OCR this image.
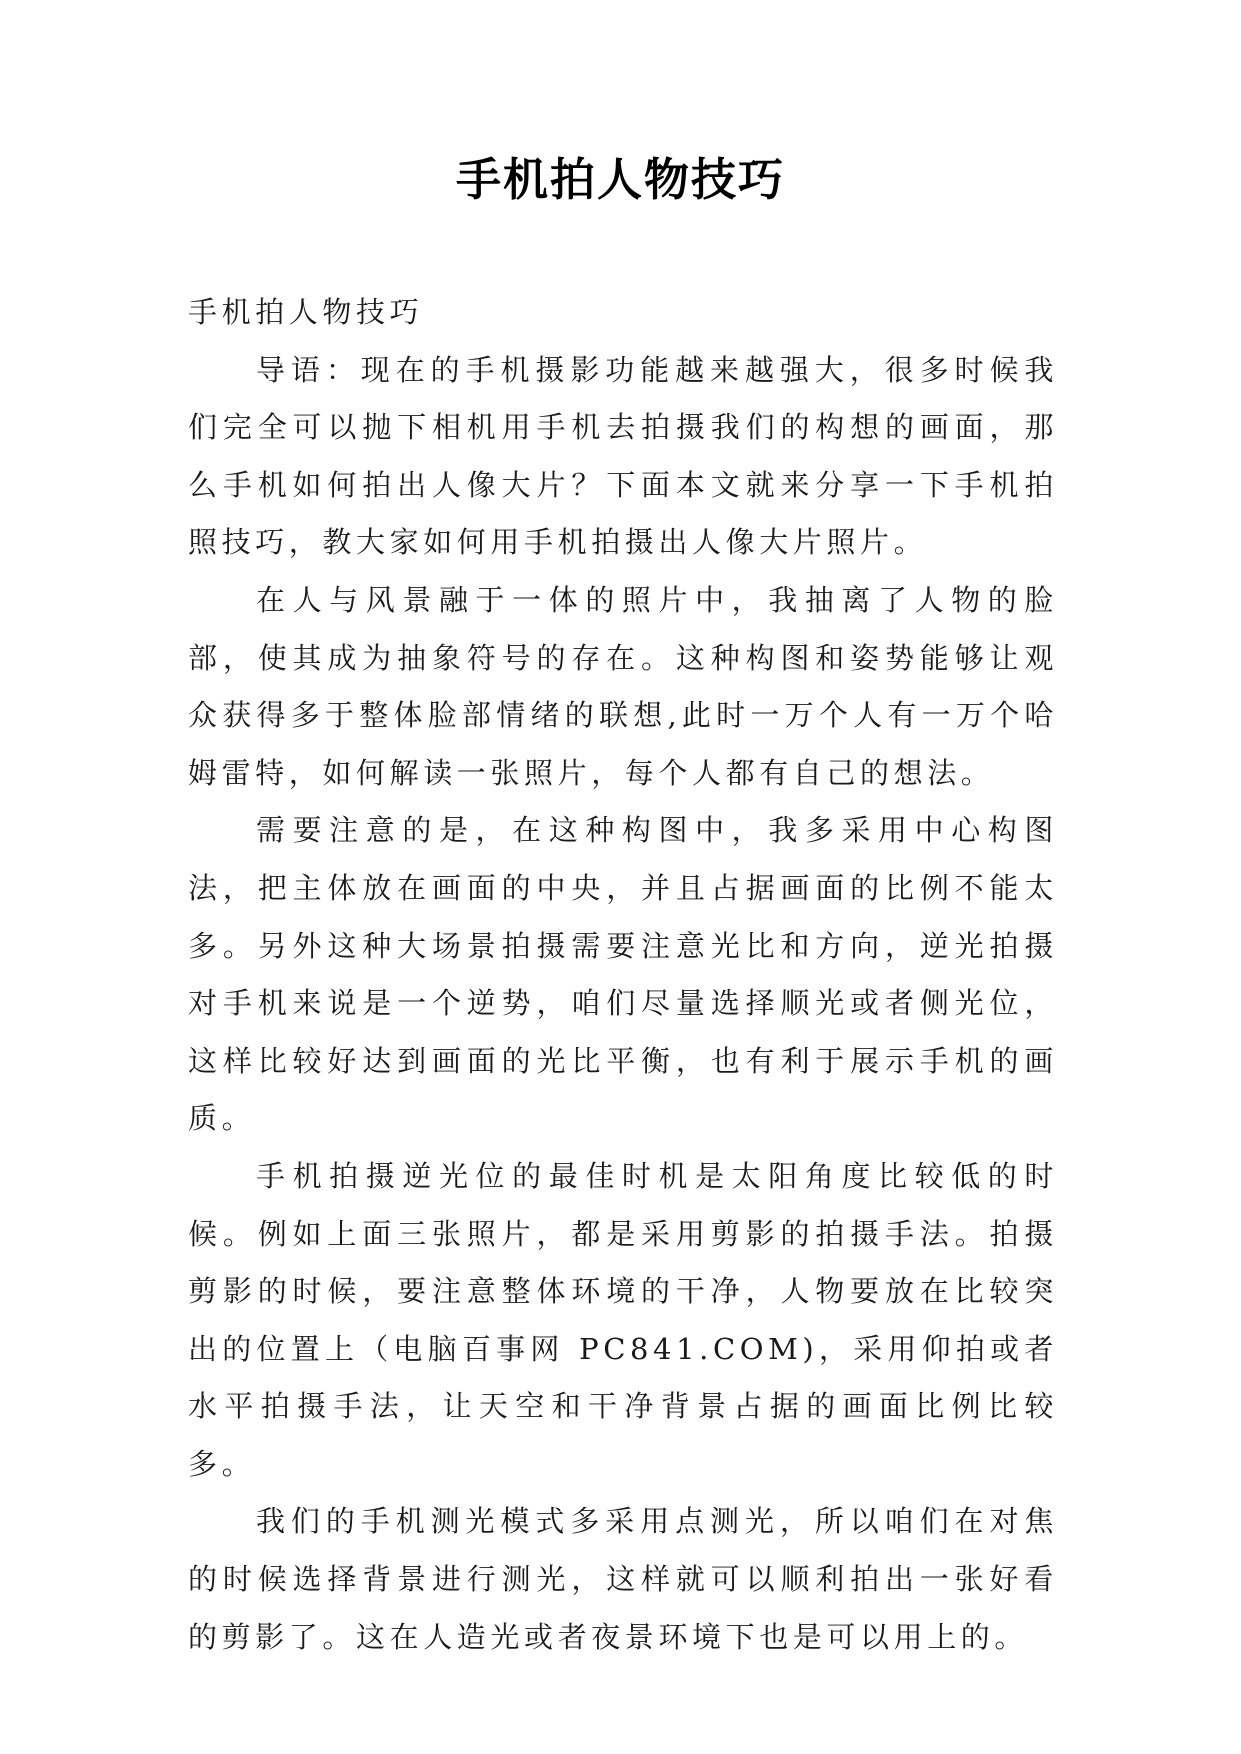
手机拍人物技巧

手机拍人物技巧

导语：现在的手机摄影功能越来越强大，很多时候我们完全可以抛下相机用手机去拍摄我们的构想的画面，那么手机如何拍出人像大片？下面本文就来分享一下手机拍照技巧，教大家如何用手机拍摄出人像大片照片。

在人与风景融于一体的照片中，我抽离了人物的脸部，使其成为抽象符号的存在。这种构图和姿势能够让观众获得多于整体脸部情绪的联想,此时一万个人有一万个哈姆雷特，如何解读一张照片，每个人都有自己的想法。

需要注意的是，在这种构图中，我多采用中心构图法，把主体放在画面的中央，并且占据画面的比例不能太多。另外这种大场景拍摄需要注意光比和方向，逆光拍摄对手机来说是一个逆势，咱们尽量选择顺光或者侧光位，这样比较好达到画面的光比平衡，也有利于展示手机的画质。

手机拍摄逆光位的最佳时机是太阳角度比较低的时候。例如上面三张照片，都是采用剪影的拍摄手法。拍摄剪影的时候，要注意整体环境的干净，人物要放在比较突出的位置上（电脑百事网 PC841.COM)，采用仰拍或者水平拍摄手法，让天空和干净背景占据的画面比例比较多。

我们的手机测光模式多采用点测光，所以咱们在对焦的时候选择背景进行测光，这样就可以顺利拍出一张好看的剪影了。这在人造光或者夜景环境下也是可以用上的。
